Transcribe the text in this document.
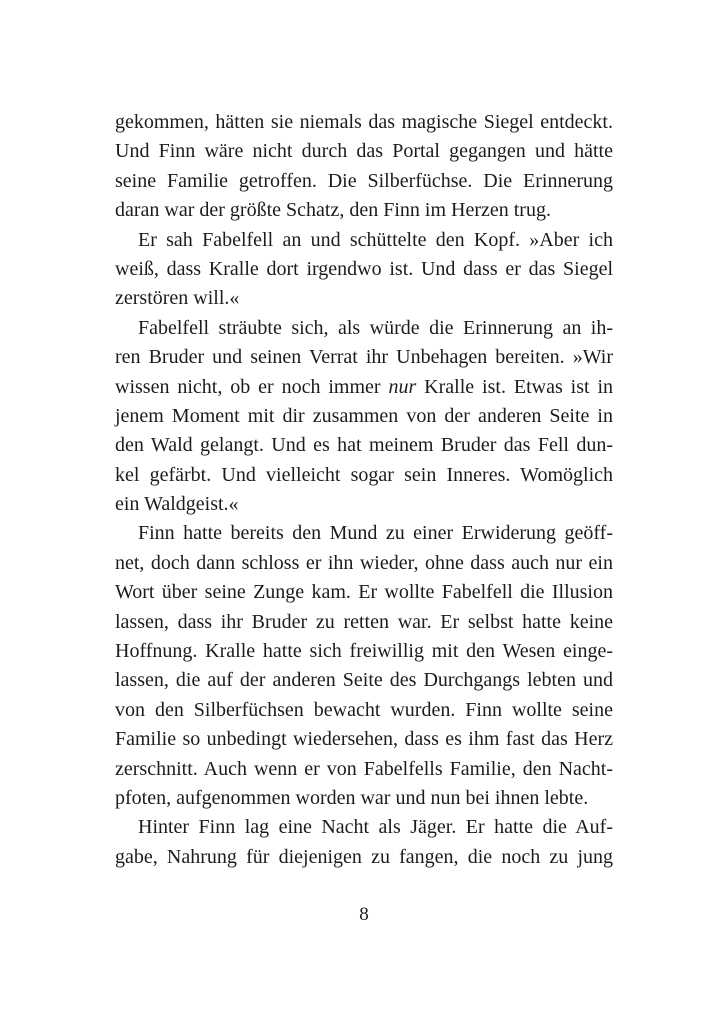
gekommen, hätten sie niemals das magische Siegel entdeckt.
Und Finn wäre nicht durch das Portal gegangen und hätte
seine Familie getroffen. Die Silberfüchse. Die Erinnerung
daran war der größte Schatz, den Finn im Herzen trug.
Er sah Fabelfell an und schüttelte den Kopf. »Aber ich
weiß, dass Kralle dort irgendwo ist. Und dass er das Siegel
zerstören will.«
Fabelfell sträubte sich, als würde die Erinnerung an ih-
ren Bruder und seinen Verrat ihr Unbehagen bereiten. »Wir
wissen nicht, ob er noch immer nur Kralle ist. Etwas ist in
jenem Moment mit dir zusammen von der anderen Seite in
den Wald gelangt. Und es hat meinem Bruder das Fell dun-
kel gefärbt. Und vielleicht sogar sein Inneres. Womöglich
ein Waldgeist.«
Finn hatte bereits den Mund zu einer Erwiderung geöff-
net, doch dann schloss er ihn wieder, ohne dass auch nur ein
Wort über seine Zunge kam. Er wollte Fabelfell die Illusion
lassen, dass ihr Bruder zu retten war. Er selbst hatte keine
Hoffnung. Kralle hatte sich freiwillig mit den Wesen einge-
lassen, die auf der anderen Seite des Durchgangs lebten und
von den Silberfüchsen bewacht wurden. Finn wollte seine
Familie so unbedingt wiedersehen, dass es ihm fast das Herz
zerschnitt. Auch wenn er von Fabelfells Familie, den Nacht-
pfoten, aufgenommen worden war und nun bei ihnen lebte.
Hinter Finn lag eine Nacht als Jäger. Er hatte die Auf-
gabe, Nahrung für diejenigen zu fangen, die noch zu jung
8
